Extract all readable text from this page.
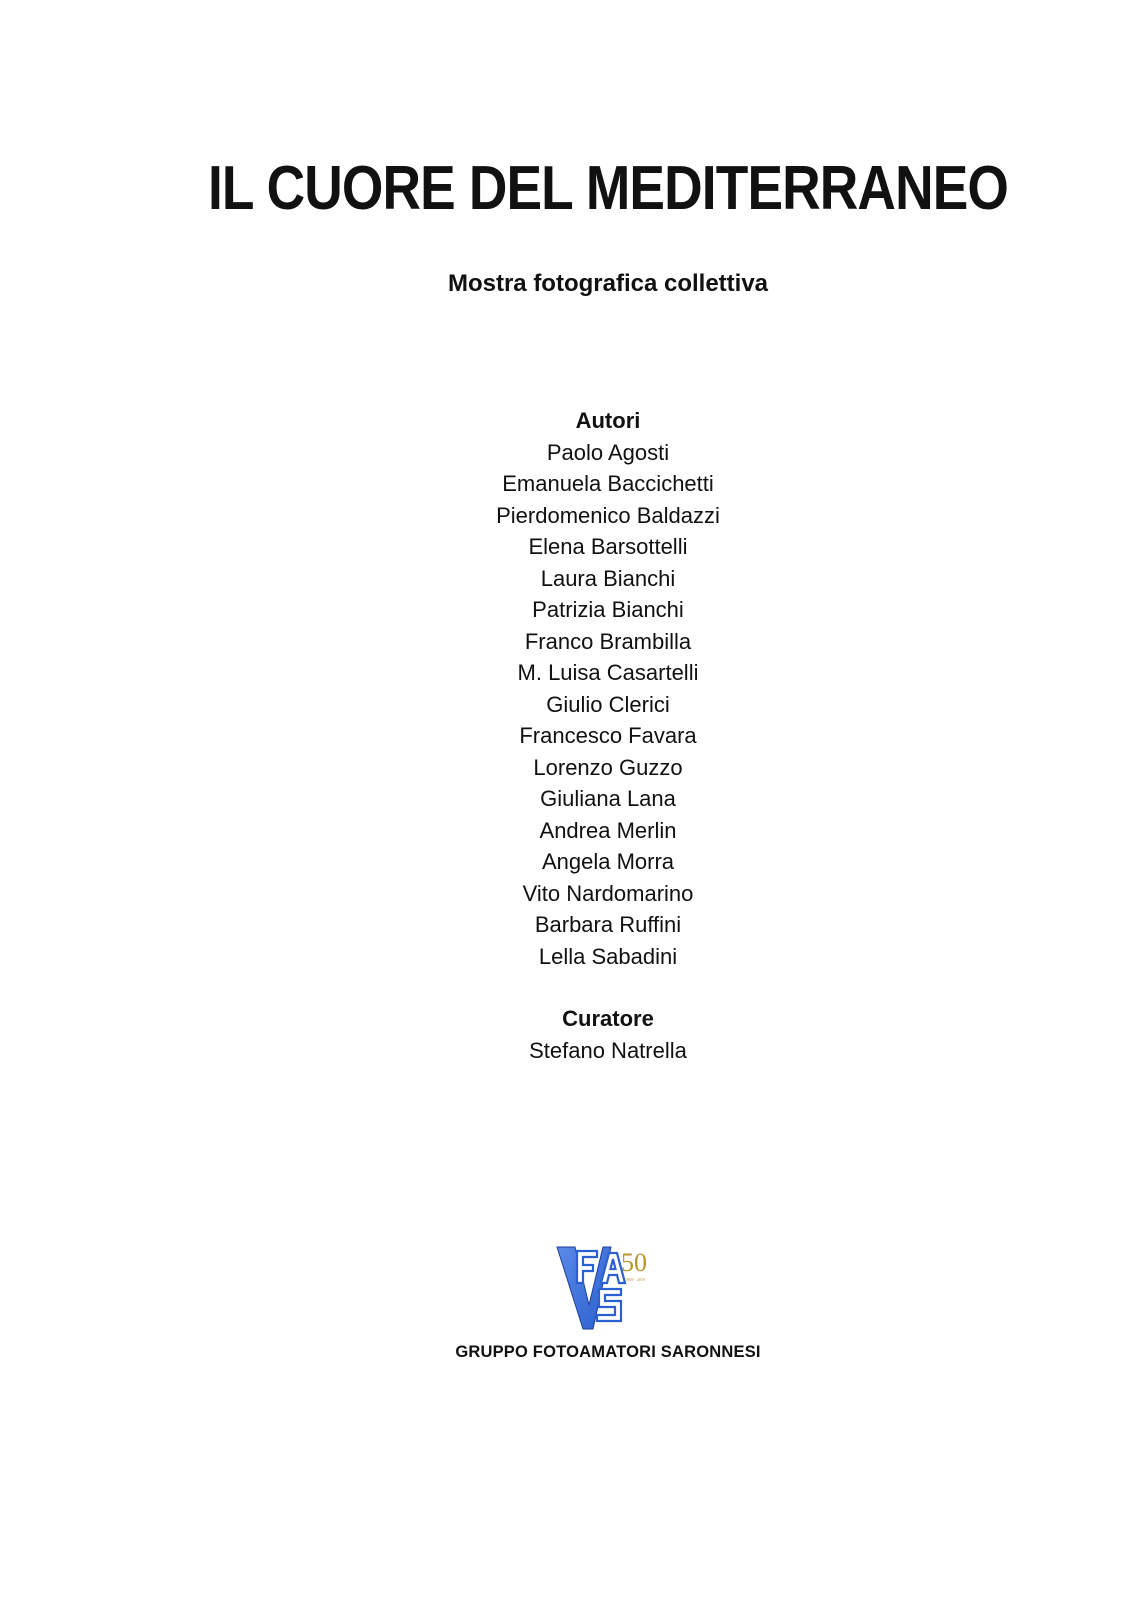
IL CUORE DEL MEDITERRANEO
Mostra fotografica collettiva
Autori
Paolo Agosti
Emanuela Baccichetti
Pierdomenico Baldazzi
Elena Barsottelli
Laura Bianchi
Patrizia Bianchi
Franco Brambilla
M. Luisa Casartelli
Giulio Clerici
Francesco Favara
Lorenzo Guzzo
Giuliana Lana
Andrea Merlin
Angela Morra
Vito Nardomarino
Barbara Ruffini
Lella Sabadini
Curatore
Stefano Natrella
50
1969 - 2019
GRUPPO FOTOAMATORI SARONNESI
